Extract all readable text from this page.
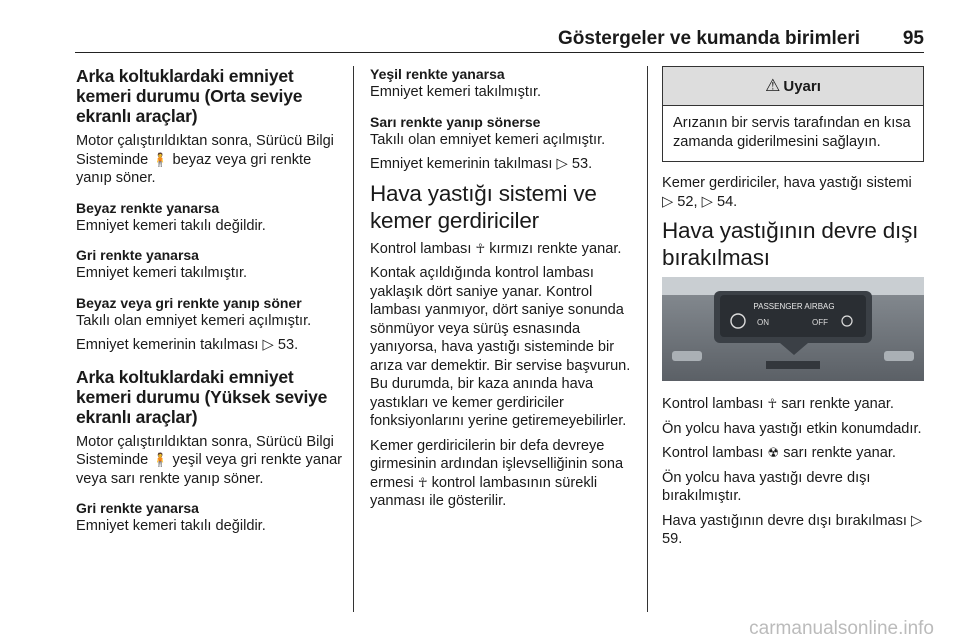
Göstergeler ve kumanda birimleri 95
Arka koltuklardaki emniyet kemeri durumu (Orta seviye ekranlı araçlar)

Motor çalıştırıldıktan sonra, Sürücü Bilgi Sisteminde 🧍 beyaz veya gri renkte yanıp söner.

Beyaz renkte yanarsa

Emniyet kemeri takılı değildir.

Gri renkte yanarsa

Emniyet kemeri takılmıştır.

Beyaz veya gri renkte yanıp söner

Takılı olan emniyet kemeri açılmıştır.

Emniyet kemerinin takılması ▷ 53.

Arka koltuklardaki emniyet kemeri durumu (Yüksek seviye ekranlı araçlar)

Motor çalıştırıldıktan sonra, Sürücü Bilgi Sisteminde 🧍 yeşil veya gri renkte yanar veya sarı renkte yanıp söner.

Gri renkte yanarsa

Emniyet kemeri takılı değildir.

Yeşil renkte yanarsa

Emniyet kemeri takılmıştır.

Sarı renkte yanıp sönerse

Takılı olan emniyet kemeri açılmıştır.

Emniyet kemerinin takılması ▷ 53.

Hava yastığı sistemi ve kemer gerdiriciler

Kontrol lambası ☥ kırmızı renkte yanar.

Kontak açıldığında kontrol lambası yaklaşık dört saniye yanar. Kontrol lambası yanmıyor, dört saniye sonunda sönmüyor veya sürüş esnasında yanıyorsa, hava yastığı sisteminde bir arıza var demektir. Bir servise başvurun. Bu durumda, bir kaza anında hava yastıkları ve kemer gerdiriciler fonksiyonlarını yerine getiremeyebilirler.

Kemer gerdiricilerin bir defa devreye girmesinin ardından işlevselliğinin sona ermesi ☥ kontrol lambasının sürekli yanması ile gösterilir.

⚠ Uyarı
Arızanın bir servis tarafından en kısa zamanda giderilmesini sağlayın.

Kemer gerdiriciler, hava yastığı sistemi ▷ 52, ▷ 54.

Hava yastığının devre dışı bırakılması
PASSENGER AIRBAG
ON	OFF

Kontrol lambası ☥ sarı renkte yanar.

Ön yolcu hava yastığı etkin konumdadır.

Kontrol lambası ☢ sarı renkte yanar.

Ön yolcu hava yastığı devre dışı bırakılmıştır.

Hava yastığının devre dışı bırakılması ▷ 59.

carmanualsonline.info
